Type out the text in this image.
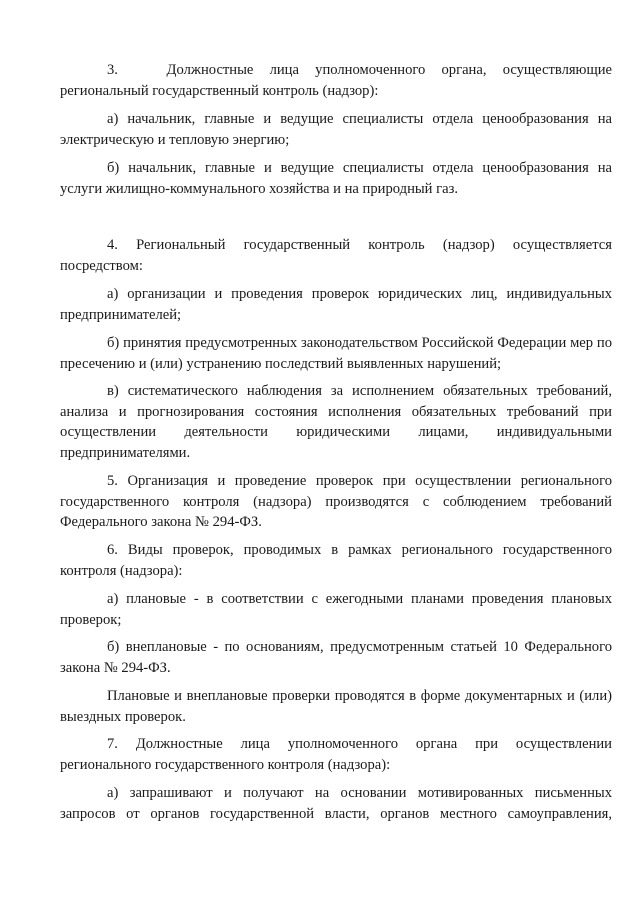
3.   Должностные лица уполномоченного органа, осуществляющие региональный государственный контроль (надзор):

а) начальник, главные и ведущие специалисты отдела ценообразования на электрическую и тепловую энергию;

б) начальник, главные и ведущие специалисты отдела ценообразования на услуги жилищно-коммунального хозяйства и на природный газ.

4. Региональный государственный контроль (надзор) осуществляется посредством:

а) организации и проведения проверок юридических лиц, индивидуальных предпринимателей;

б) принятия предусмотренных законодательством Российской Федерации мер по пресечению и (или) устранению последствий выявленных нарушений;

в) систематического наблюдения за исполнением обязательных требований, анализа и прогнозирования состояния исполнения обязательных требований при осуществлении деятельности юридическими лицами, индивидуальными предпринимателями.

5. Организация и проведение проверок при осуществлении регионального государственного контроля (надзора) производятся с соблюдением требований Федерального закона № 294-ФЗ.

6. Виды проверок, проводимых в рамках регионального государственного контроля (надзора):

а) плановые - в соответствии с ежегодными планами проведения плановых проверок;

б) внеплановые - по основаниям, предусмотренным статьей 10 Федерального закона № 294-ФЗ.

Плановые и внеплановые проверки проводятся в форме документарных и (или) выездных проверок.

7. Должностные лица уполномоченного органа при осуществлении регионального государственного контроля (надзора):

а) запрашивают и получают на основании мотивированных письменных запросов от органов государственной власти, органов местного самоуправления,
